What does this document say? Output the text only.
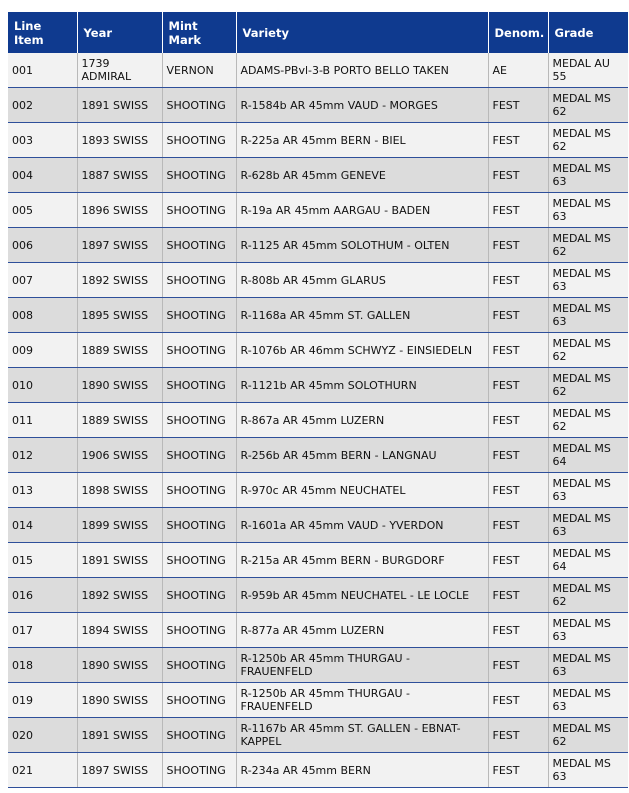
Line Item	Year	Mint Mark	Variety	Denom.	Grade
001	1739 ADMIRAL	VERNON	ADAMS-PBvl-3-B PORTO BELLO TAKEN	AE	MEDAL AU 55
002	1891 SWISS	SHOOTING	R-1584b AR 45mm VAUD - MORGES	FEST	MEDAL MS 62
003	1893 SWISS	SHOOTING	R-225a AR 45mm BERN - BIEL	FEST	MEDAL MS 62
004	1887 SWISS	SHOOTING	R-628b AR 45mm GENEVE	FEST	MEDAL MS 63
005	1896 SWISS	SHOOTING	R-19a AR 45mm AARGAU - BADEN	FEST	MEDAL MS 63
006	1897 SWISS	SHOOTING	R-1125 AR 45mm SOLOTHUM - OLTEN	FEST	MEDAL MS 62
007	1892 SWISS	SHOOTING	R-808b AR 45mm GLARUS	FEST	MEDAL MS 63
008	1895 SWISS	SHOOTING	R-1168a AR 45mm ST. GALLEN	FEST	MEDAL MS 63
009	1889 SWISS	SHOOTING	R-1076b AR 46mm SCHWYZ - EINSIEDELN	FEST	MEDAL MS 62
010	1890 SWISS	SHOOTING	R-1121b AR 45mm SOLOTHURN	FEST	MEDAL MS 62
011	1889 SWISS	SHOOTING	R-867a AR 45mm LUZERN	FEST	MEDAL MS 62
012	1906 SWISS	SHOOTING	R-256b AR 45mm BERN - LANGNAU	FEST	MEDAL MS 64
013	1898 SWISS	SHOOTING	R-970c AR 45mm NEUCHATEL	FEST	MEDAL MS 63
014	1899 SWISS	SHOOTING	R-1601a AR 45mm VAUD - YVERDON	FEST	MEDAL MS 63
015	1891 SWISS	SHOOTING	R-215a AR 45mm BERN - BURGDORF	FEST	MEDAL MS 64
016	1892 SWISS	SHOOTING	R-959b AR 45mm NEUCHATEL - LE LOCLE	FEST	MEDAL MS 62
017	1894 SWISS	SHOOTING	R-877a AR 45mm LUZERN	FEST	MEDAL MS 63
018	1890 SWISS	SHOOTING	R-1250b AR 45mm THURGAU - FRAUENFELD	FEST	MEDAL MS 63
019	1890 SWISS	SHOOTING	R-1250b AR 45mm THURGAU - FRAUENFELD	FEST	MEDAL MS 63
020	1891 SWISS	SHOOTING	R-1167b AR 45mm ST. GALLEN - EBNAT-KAPPEL	FEST	MEDAL MS 62
021	1897 SWISS	SHOOTING	R-234a AR 45mm BERN	FEST	MEDAL MS 63
